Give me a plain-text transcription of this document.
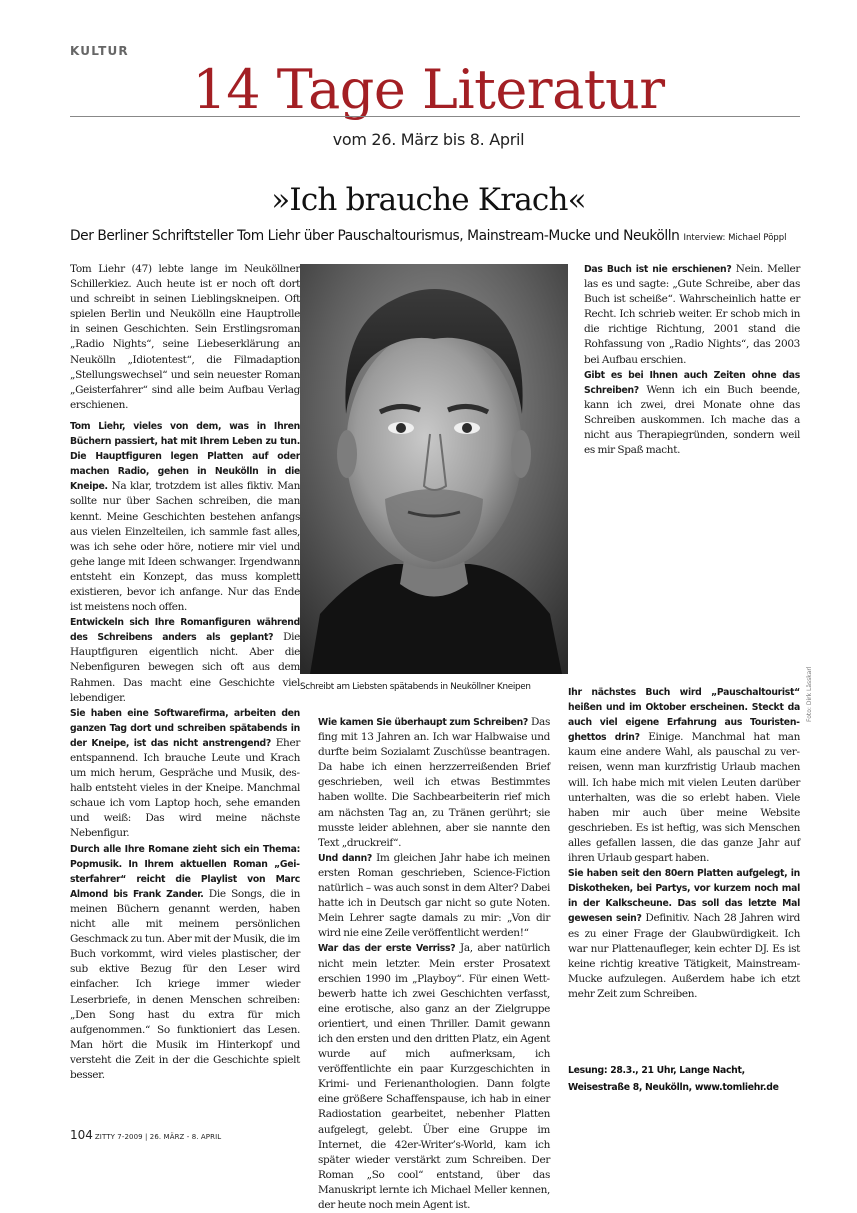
KULTUR
14 Tage Literatur
vom 26. März bis 8. April
»Ich brauche Krach«
Der Berliner Schriftsteller Tom Liehr über Pauschaltourismus, Mainstream-Mucke und Neukölln Interview: Michael Pöppl

Tom Liehr (47) lebte lange im Neuköllner Schillerkiez. Auch heute ist er noch oft dort und schreibt in seinen Lieblingskneipen. Oft spielen Berlin und Neukölln eine Hauptrolle in seinen Geschichten. Sein Erstlingsroman „Radio Nights“, seine Liebeserklärung an Neukölln „Idiotentest“, die Filmadaption „Stellungswechsel“ und sein neuester Roman „Geisterfahrer“ sind alle beim Aufbau Verlag erschienen.

Tom Liehr, vieles von dem, was in Ihren Büchern passiert, hat mit Ihrem Leben zu tun. Die Hauptfiguren legen Platten auf oder machen Radio, gehen in Neukölln in die Kneipe. Na klar, trotzdem ist alles fiktiv. Man sollte nur über Sachen schreiben, die man kennt. Meine Geschichten bestehen anfangs aus vielen Einzelteilen, ich sammle fast alles, was ich sehe oder höre, notiere mir viel und gehe lange mit Ideen schwanger. Irgendwann entsteht ein Konzept, das muss komplett existieren, bevor ich anfange. Nur das Ende ist meistens noch offen.

Entwickeln sich Ihre Romanfiguren während des Schreibens anders als geplant? Die Hauptfiguren eigentlich nicht. Aber die Nebenfiguren bewegen sich oft aus dem Rahmen. Das macht eine Geschichte viel lebendiger.

Sie haben eine Softwarefirma, arbeiten den ganzen Tag dort und schreiben spätabends in der Kneipe, ist das nicht anstrengend? Eher entspannend. Ich brauche Leute und Krach um mich herum, Gespräche und Musik, deshalb entsteht vieles in der Kneipe. Manchmal schaue ich vom Laptop hoch, sehe emanden und weiß: Das wird meine nächste Nebenfigur.

Durch alle Ihre Romane zieht sich ein Thema: Popmusik. In Ihrem aktuellen Roman „Geisterfahrer“ reicht die Playlist von Marc Almond bis Frank Zander. Die Songs, die in meinen Büchern genannt werden, haben nicht alle mit meinem persönlichen Geschmack zu tun. Aber mit der Musik, die im Buch vorkommt, wird vieles plastischer, der sub ektive Bezug für den Leser wird einfacher. Ich kriege immer wieder Leserbriefe, in denen Menschen schreiben: „Den Song hast du extra für mich aufgenommen.“ So funktioniert das Lesen. Man hört die Musik im Hinterkopf und versteht die Zeit in der die Geschichte spielt besser.

Schreibt am Liebsten spätabends in Neuköllner Kneipen

Wie kamen Sie überhaupt zum Schreiben? Das fing mit 13 Jahren an. Ich war Halbwaise und durfte beim Sozialamt Zuschüsse beantragen. Da habe ich einen herzzerreißenden Brief geschrieben, weil ich etwas Bestimmtes haben wollte. Die Sachbearbeiterin rief mich am nächsten Tag an, zu Tränen gerührt; sie musste leider ablehnen, aber sie nannte den Text „druckreif“.

Und dann? Im gleichen Jahr habe ich meinen ersten Roman geschrieben, Science-Fiction natürlich – was auch sonst in dem Alter? Dabei hatte ich in Deutsch gar nicht so gute Noten. Mein Lehrer sagte damals zu mir: „Von dir wird nie eine Zeile veröffentlicht werden!“

War das der erste Verriss? Ja, aber natürlich nicht mein letzter. Mein erster Prosatext erschien 1990 im „Playboy“. Für einen Wettbewerb hatte ich zwei Geschichten verfasst, eine erotische, also ganz an der Zielgruppe orientiert, und einen Thriller. Damit gewann ich den ersten und den dritten Platz, ein Agent wurde auf mich aufmerksam, ich veröffentlichte ein paar Kurzgeschichten in Krimi- und Ferienanthologien. Dann folgte eine größere Schaffenspause, ich hab in einer Radiostation gearbeitet, nebenher Platten aufgelegt, gelebt. Über eine Gruppe im Internet, die 42er-Writer’s-World, kam ich später wieder verstärkt zum Schreiben. Der Roman „So cool“ entstand, über das Manuskript lernte ich Michael Meller kennen, der heute noch mein Agent ist.

Das Buch ist nie erschienen? Nein. Meller las es und sagte: „Gute Schreibe, aber das Buch ist scheiße“. Wahrscheinlich hatte er Recht. Ich schrieb weiter. Er schob mich in die richtige Richtung, 2001 stand die Rohfassung von „Radio Nights“, das 2003 bei Aufbau erschien.

Gibt es bei Ihnen auch Zeiten ohne das Schreiben? Wenn ich ein Buch beende, kann ich zwei, drei Monate ohne das Schreiben auskommen. Ich mache das a nicht aus Therapiegründen, sondern weil es mir Spaß macht.

Ihr nächstes Buch wird „Pauschaltourist“ heißen und im Oktober erscheinen. Steckt da auch viel eigene Erfahrung aus Touristenghettos drin? Einige. Manchmal hat man kaum eine andere Wahl, als pauschal zu verreisen, wenn man kurzfristig Urlaub machen will. Ich habe mich mit vielen Leuten darüber unterhalten, was die so erlebt haben. Viele haben mir auch über meine Website geschrieben. Es ist heftig, was sich Menschen alles gefallen lassen, die das ganze Jahr auf ihren Urlaub gespart haben.

Sie haben seit den 80ern Platten aufgelegt, in Diskotheken, bei Partys, vor kurzem noch mal in der Kalkscheune. Das soll das letzte Mal gewesen sein? Definitiv. Nach 28 Jahren wird es zu einer Frage der Glaubwürdigkeit. Ich war nur Plattenaufleger, kein echter DJ. Es ist keine richtig kreative Tätigkeit, Mainstream-Mucke aufzulegen. Außerdem habe ich etzt mehr Zeit zum Schreiben.

Lesung: 28.3., 21 Uhr, Lange Nacht,
Weisestraße 8, Neukölln, www.tomliehr.de
Foto: Dirk Lässkarl
104 ZITTY 7-2009 | 26. MÄRZ - 8. APRIL
